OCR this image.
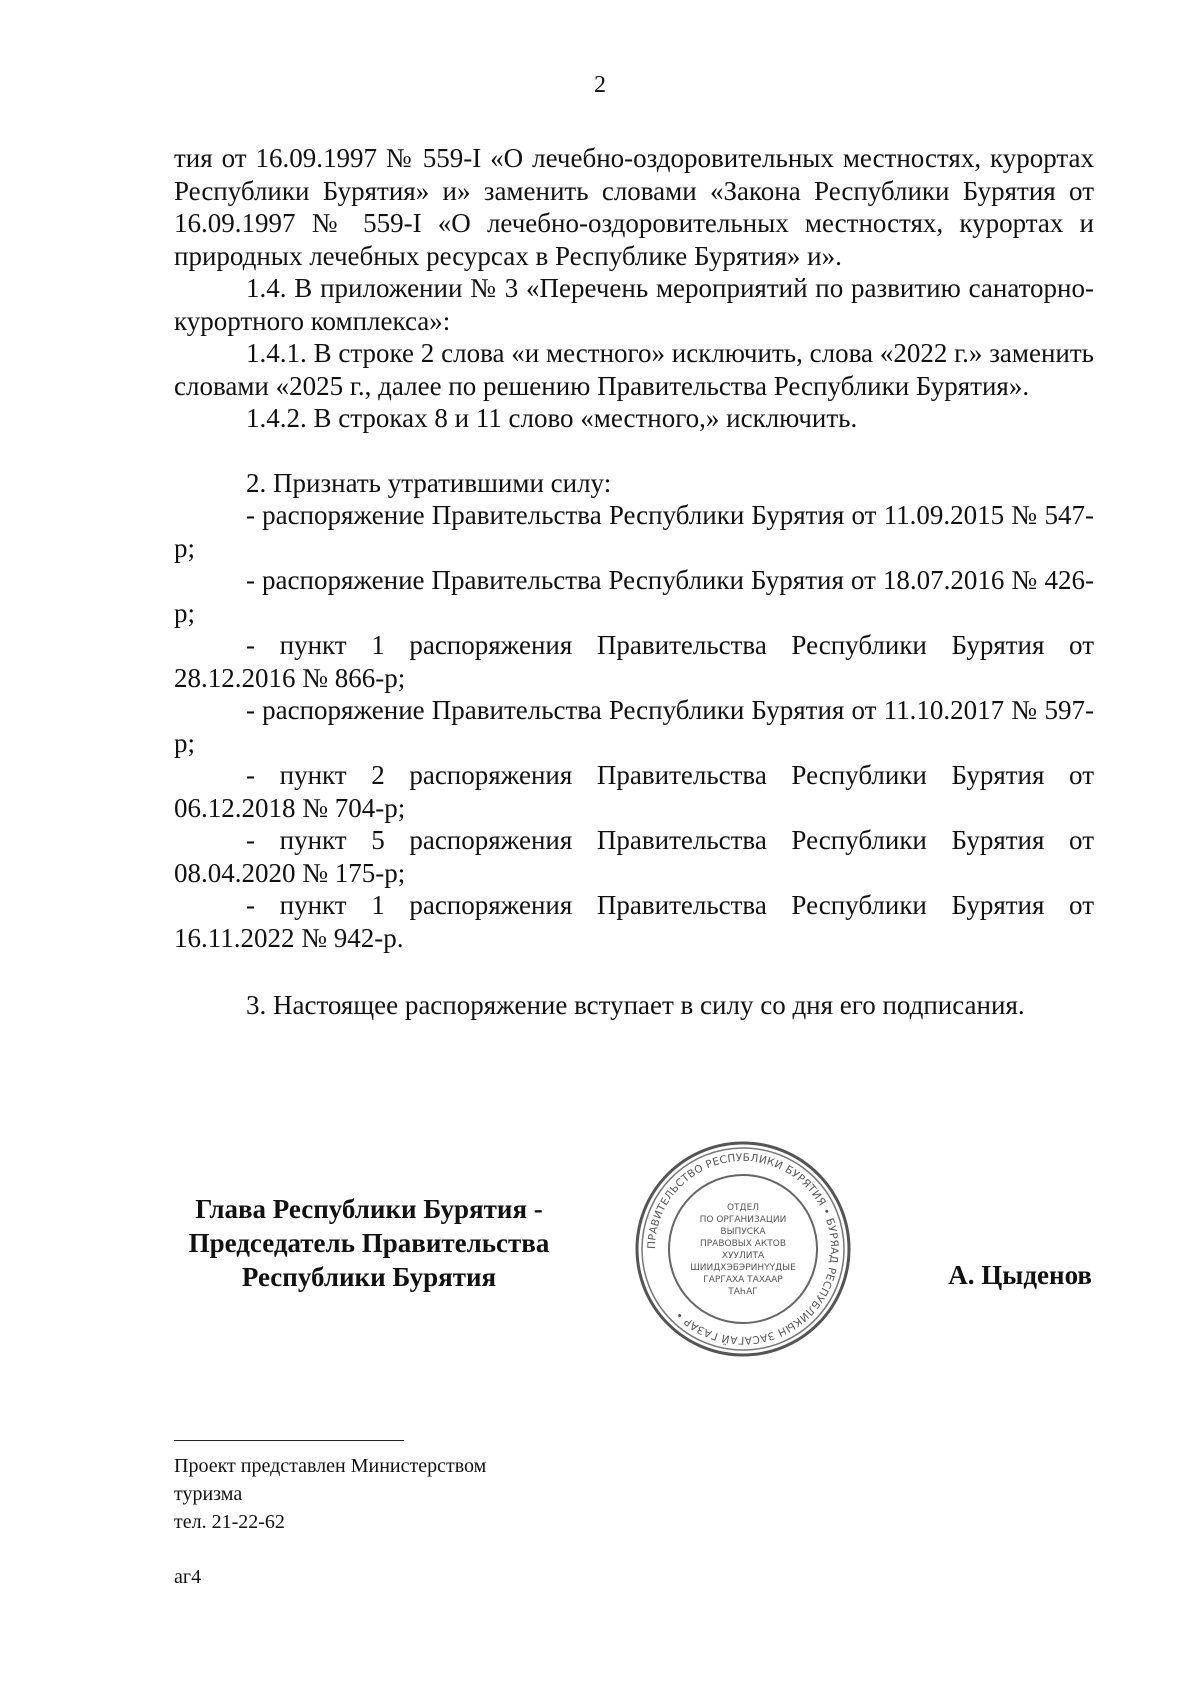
2

тия от 16.09.1997 № 559-I «О лечебно-оздоровительных местностях, курортах Республики Бурятия» и» заменить словами «Закона Республики Бурятия от 16.09.1997 № 559-I «О лечебно-оздоровительных местностях, курортах и природных лечебных ресурсах в Республике Бурятия» и».

1.4. В приложении № 3 «Перечень мероприятий по развитию санаторно-курортного комплекса»:

1.4.1. В строке 2 слова «и местного» исключить, слова «2022 г.» заменить словами «2025 г., далее по решению Правительства Республики Бурятия».

1.4.2. В строках 8 и 11 слово «местного,» исключить.

2. Признать утратившими силу:

- распоряжение Правительства Республики Бурятия от 11.09.2015 № 547-р;

- распоряжение Правительства Республики Бурятия от 18.07.2016 № 426-р;

- пункт 1 распоряжения Правительства Республики Бурятия от 28.12.2016 № 866-р;

- распоряжение Правительства Республики Бурятия от 11.10.2017 № 597-р;

- пункт 2 распоряжения Правительства Республики Бурятия от 06.12.2018 № 704-р;

- пункт 5 распоряжения Правительства Республики Бурятия от 08.04.2020 № 175-р;

- пункт 1 распоряжения Правительства Республики Бурятия от 16.11.2022 № 942-р.

3. Настоящее распоряжение вступает в силу со дня его подписания.

Глава Республики Бурятия -
Председатель Правительства
Республики Бурятия
ПРАВИТЕЛЬСТВО РЕСПУБЛИКИ БУРЯТИЯ • БУРЯАД РЕСПУБЛИКЫН ЗАСАГАЙ ГАЗАР •
ОТДЕЛ
ПО ОРГАНИЗАЦИИ
ВЫПУСКА
ПРАВОВЫХ АКТОВ
ХУУЛИТА
ШИИДХЭБЭРИНҮҮДЫЕ
ГАРГАХА ТАХААР
ТАҺАГ
А. Цыденов
Проект представлен Министерством
туризма
тел. 21-22-62
аг4
